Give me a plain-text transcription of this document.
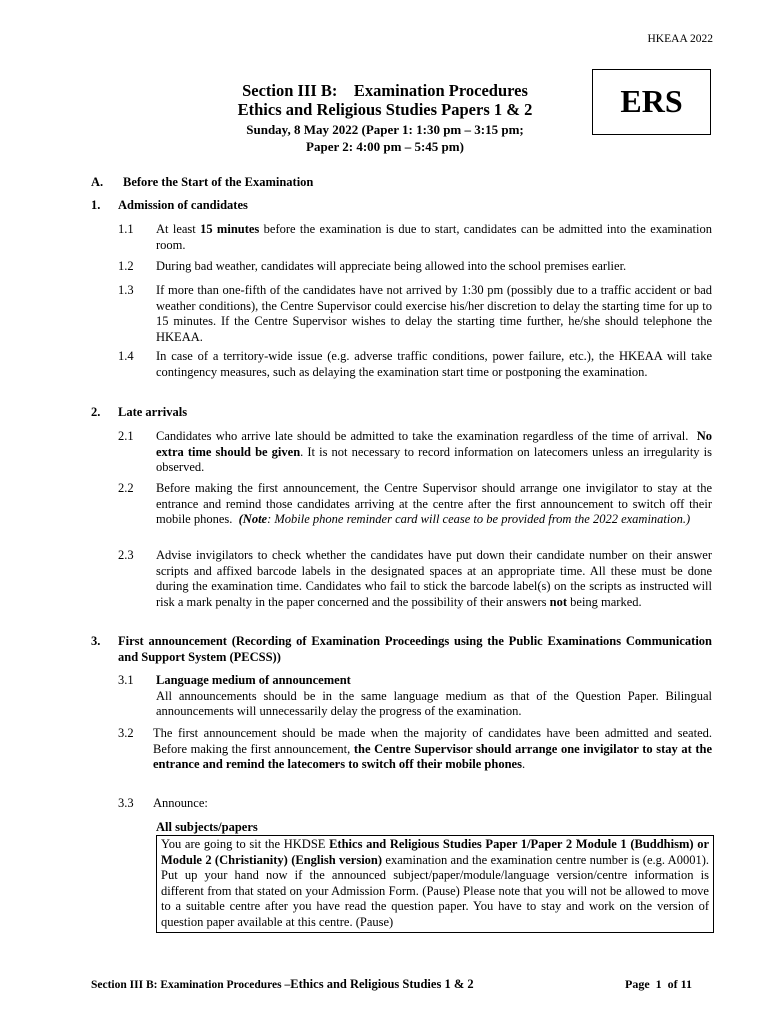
HKEAA 2022
Section III B:    Examination Procedures
Ethics and Religious Studies Papers 1 & 2
Sunday, 8 May 2022 (Paper 1: 1:30 pm – 3:15 pm;
Paper 2: 4:00 pm – 5:45 pm)
ERS
A. Before the Start of the Examination
1. Admission of candidates
1.1 At least 15 minutes before the examination is due to start, candidates can be admitted into the examination room.
1.2 During bad weather, candidates will appreciate being allowed into the school premises earlier.
1.3 If more than one-fifth of the candidates have not arrived by 1:30 pm (possibly due to a traffic accident or bad weather conditions), the Centre Supervisor could exercise his/her discretion to delay the starting time for up to 15 minutes. If the Centre Supervisor wishes to delay the starting time further, he/she should telephone the HKEAA.
1.4 In case of a territory-wide issue (e.g. adverse traffic conditions, power failure, etc.), the HKEAA will take contingency measures, such as delaying the examination start time or postponing the examination.
2. Late arrivals
2.1 Candidates who arrive late should be admitted to take the examination regardless of the time of arrival.  No extra time should be given. It is not necessary to record information on latecomers unless an irregularity is observed.
2.2 Before making the first announcement, the Centre Supervisor should arrange one invigilator to stay at the entrance and remind those candidates arriving at the centre after the first announcement to switch off their mobile phones.  (Note: Mobile phone reminder card will cease to be provided from the 2022 examination.)
2.3 Advise invigilators to check whether the candidates have put down their candidate number on their answer scripts and affixed barcode labels in the designated spaces at an appropriate time. All these must be done during the examination time. Candidates who fail to stick the barcode label(s) on the scripts as instructed will risk a mark penalty in the paper concerned and the possibility of their answers not being marked.
3. First announcement (Recording of Examination Proceedings using the Public Examinations Communication and Support System (PECSS))
3.1 Language medium of announcement
All announcements should be in the same language medium as that of the Question Paper. Bilingual announcements will unnecessarily delay the progress of the examination.
3.2 The first announcement should be made when the majority of candidates have been admitted and seated. Before making the first announcement, the Centre Supervisor should arrange one invigilator to stay at the entrance and remind the latecomers to switch off their mobile phones.
3.3 Announce:
All subjects/papers
You are going to sit the HKDSE Ethics and Religious Studies Paper 1/Paper 2 Module 1 (Buddhism) or Module 2 (Christianity) (English version) examination and the examination centre number is (e.g. A0001). Put up your hand now if the announced subject/paper/module/language version/centre information is different from that stated on your Admission Form. (Pause) Please note that you will not be allowed to move to a suitable centre after you have read the question paper. You have to stay and work on the version of question paper available at this centre. (Pause)
Section III B: Examination Procedures –Ethics and Religious Studies 1 & 2	Page  1  of 11
